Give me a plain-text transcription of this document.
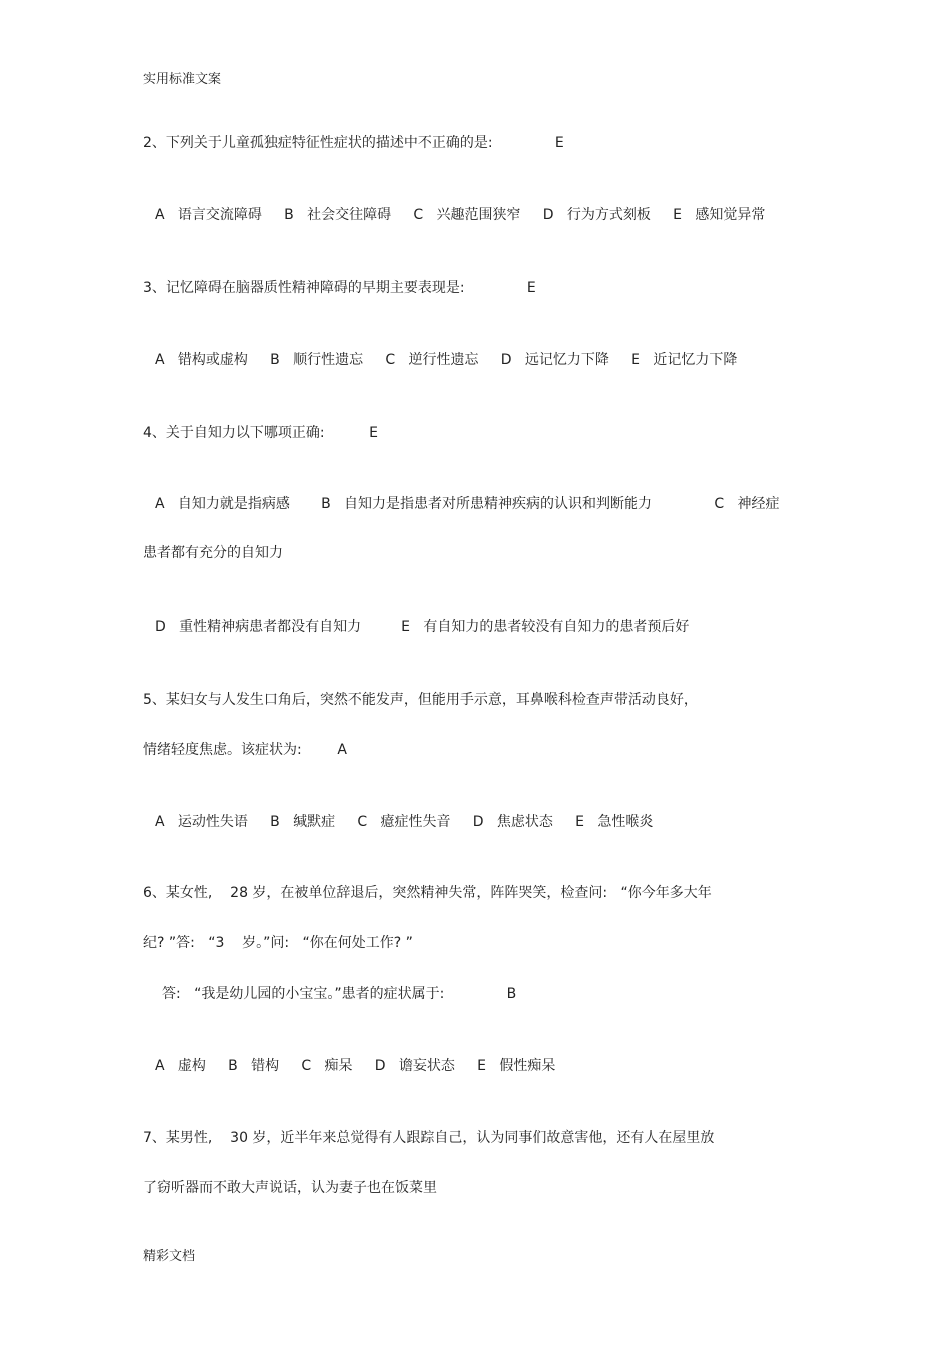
实用标准文案
2、下列关于儿童孤独症特征性症状的描述中不正确的是:              E
A   语言交流障碍     B   社会交往障碍     C   兴趣范围狭窄     D   行为方式刻板     E   感知觉异常
3、记忆障碍在脑器质性精神障碍的早期主要表现是:              E
A   错构或虚构     B   顺行性遗忘     C   逆行性遗忘     D   远记忆力下降     E   近记忆力下降
4、关于自知力以下哪项正确:          E
A   自知力就是指病感       B   自知力是指患者对所患精神疾病的认识和判断能力              C   神经症
患者都有充分的自知力
D   重性精神病患者都没有自知力         E   有自知力的患者较没有自知力的患者预后好
5、某妇女与人发生口角后，突然不能发声，但能用手示意，耳鼻喉科检查声带活动良好，
情绪轻度焦虑。该症状为:        A
A   运动性失语     B   缄默症     C   癔症性失音     D   焦虑状态     E   急性喉炎
6、某女性,    28 岁，在被单位辞退后，突然精神失常，阵阵哭笑，检查问:   “你今年多大年
纪? ”答:   “3    岁。”问:   “你在何处工作? ”
答:   “我是幼儿园的小宝宝。”患者的症状属于:              B
A   虚构     B   错构     C   痴呆     D   谵妄状态     E   假性痴呆
7、某男性,    30 岁，近半年来总觉得有人跟踪自己，认为同事们故意害他，还有人在屋里放
了窃听器而不敢大声说话，认为妻子也在饭菜里
精彩文档
